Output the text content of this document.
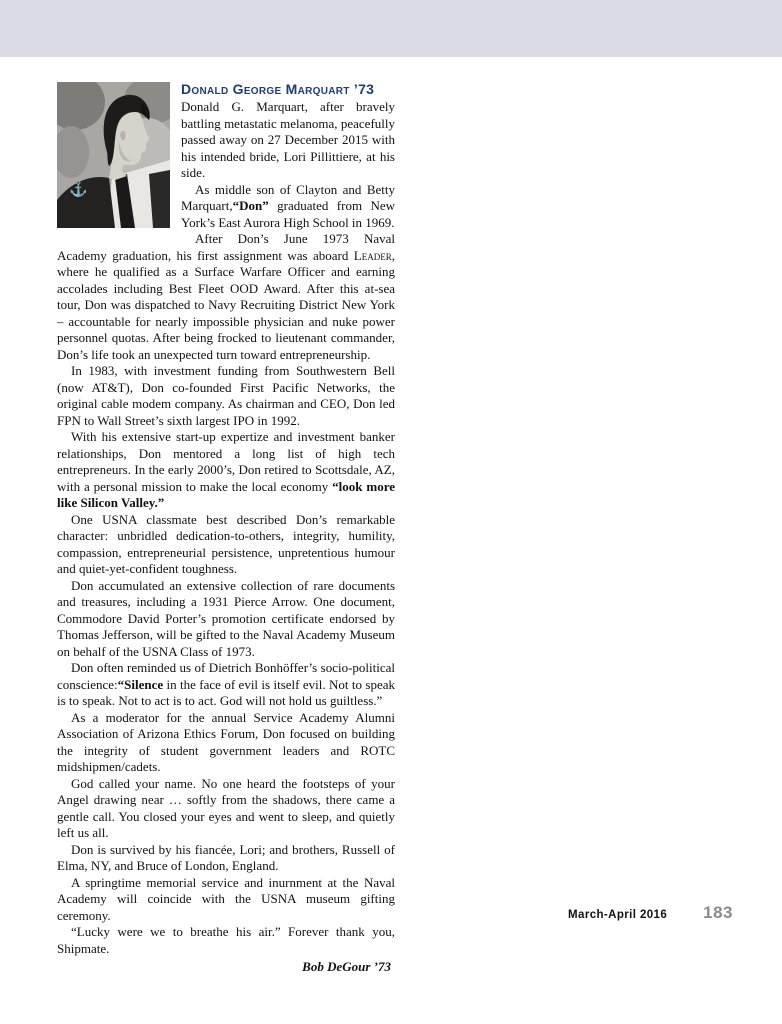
⚓
Donald George Marquart ’73

Donald G. Marquart, after bravely battling metastatic melanoma, peacefully passed away on 27 December 2015 with his intended bride, Lori Pillittiere, at his side.

As middle son of Clayton and Betty Marquart,“Don” graduated from New York’s East Aurora High School in 1969.

After Don’s June 1973 Naval Academy graduation, his first assignment was aboard Leader, where he qualified as a Surface Warfare Officer and earning accolades including Best Fleet OOD Award. After this at-sea tour, Don was dispatched to Navy Recruiting District New York – accountable for nearly impossible physician and nuke power personnel quotas. After being frocked to lieutenant commander, Don’s life took an unexpected turn toward entrepreneurship.

In 1983, with investment funding from Southwestern Bell (now AT&T), Don co-founded First Pacific Networks, the original cable modem company. As chairman and CEO, Don led FPN to Wall Street’s sixth largest IPO in 1992.

With his extensive start-up expertize and investment banker relationships, Don mentored a long list of high tech entrepreneurs. In the early 2000’s, Don retired to Scottsdale, AZ, with a personal mission to make the local economy “look more like Silicon Valley.”

One USNA classmate best described Don’s remarkable character: unbridled dedication-to-others, integrity, humility, compassion, entrepreneurial persistence, unpretentious humour and quiet-yet-confident toughness.

Don accumulated an extensive collection of rare documents and treasures, including a 1931 Pierce Arrow. One document, Commodore David Porter’s promotion certificate endorsed by Thomas Jefferson, will be gifted to the Naval Academy Museum on behalf of the USNA Class of 1973.

Don often reminded us of Dietrich Bonhöffer’s socio-political conscience:“Silence in the face of evil is itself evil. Not to speak is to speak. Not to act is to act. God will not hold us guiltless.”

As a moderator for the annual Service Academy Alumni Association of Arizona Ethics Forum, Don focused on building the integrity of student government leaders and ROTC midshipmen/cadets.

God called your name. No one heard the footsteps of your Angel drawing near … softly from the shadows, there came a gentle call. You closed your eyes and went to sleep, and quietly left us all.

Don is survived by his fiancée, Lori; and brothers, Russell of Elma, NY, and Bruce of London, England.

A springtime memorial service and inurnment at the Naval Academy will coincide with the USNA museum gifting ceremony.

“Lucky were we to breathe his air.” Forever thank you, Shipmate.

Bob DeGour ’73
March-April 2016 183
